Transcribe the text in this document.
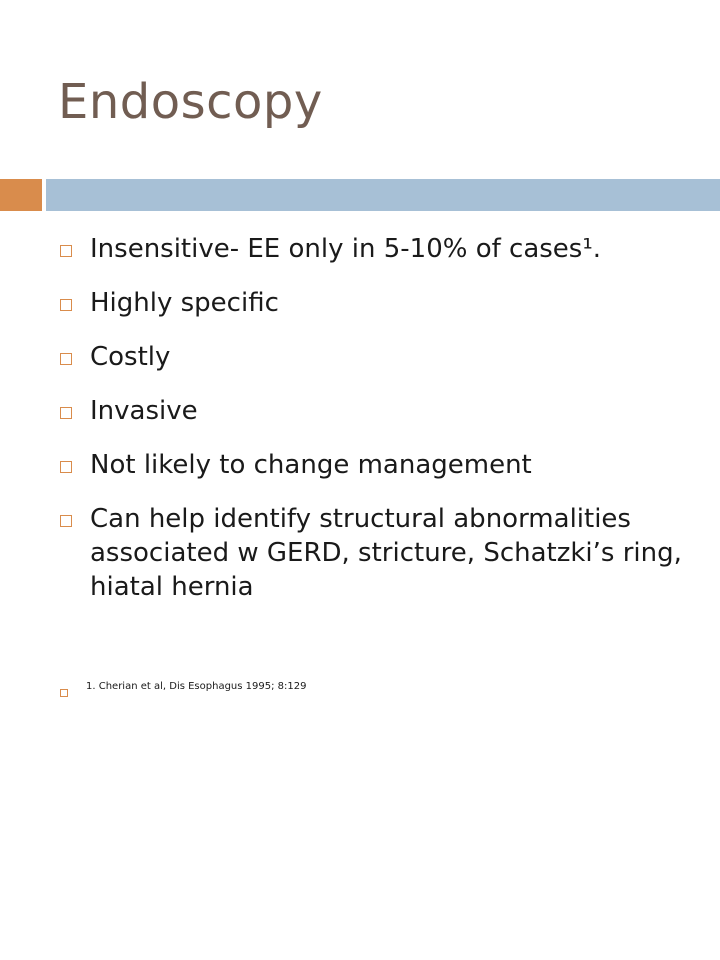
Endoscopy
Insensitive- EE only in 5-10% of cases¹.
Highly specific
Costly
Invasive
Not likely to change management
Can help identify structural abnormalities associated w GERD, stricture, Schatzki’s ring, hiatal hernia
1. Cherian et al, Dis Esophagus 1995; 8:129
